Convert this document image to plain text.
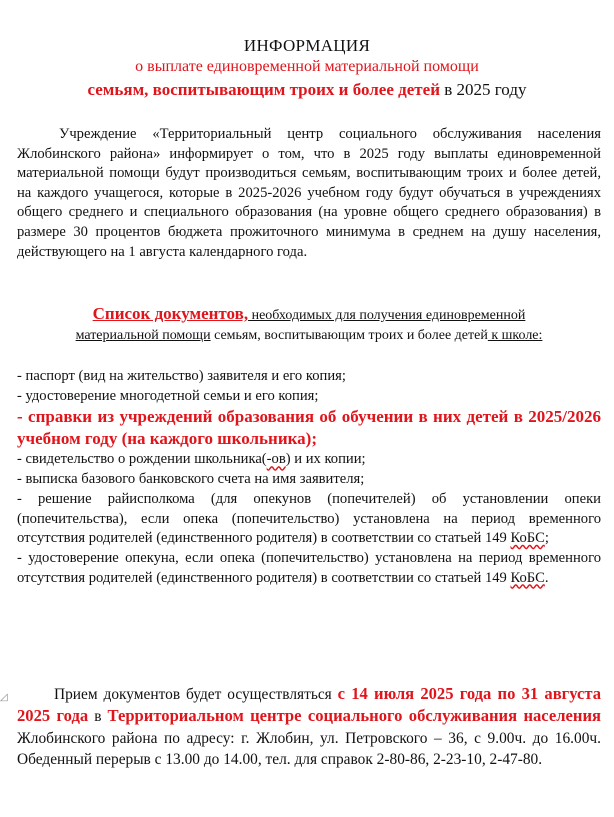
ИНФОРМАЦИЯ
о выплате единовременной материальной помощи
семьям, воспитывающим троих и более детей в 2025 году

Учреждение «Территориальный центр социального обслуживания населения Жлобинского района» информирует о том, что в 2025 году выплаты единовременной материальной помощи будут производиться семьям, воспитывающим троих и более детей, на каждого учащегося, которые в 2025-2026 учебном году будут обучаться в учреждениях общего среднего и специального образования (на уровне общего среднего образования) в размере 30 процентов бюджета прожиточного минимума в среднем на душу населения, действующего на 1 августа календарного года.

Список документов, необходимых для получения единовременной
материальной помощи семьям, воспитывающим троих и более детей к школе:

- паспорт (вид на жительство) заявителя и его копия;
- удостоверение многодетной семьи и его копия;
- справки из учреждений образования об обучении в них детей в 2025/2026 учебном году (на каждого школьника);
- свидетельство о рождении школьника(-ов) и их копии;
- выписка базового банковского счета на имя заявителя;
- решение райисполкома (для опекунов (попечителей) об установлении опеки (попечительства), если опека (попечительство) установлена на период временного отсутствия родителей (единственного родителя) в соответствии со статьей 149 КоБС;
- удостоверение опекуна, если опека (попечительство) установлена на период временного отсутствия родителей (единственного родителя) в соответствии со статьей 149 КоБС.
◿	Прием документов будет осуществляться с 14 июля 2025 года по 31 августа 2025 года в Территориальном центре социального обслуживания населения Жлобинского района по адресу: г. Жлобин, ул. Петровского – 36, с 9.00ч. до 16.00ч. Обеденный перерыв с 13.00 до 14.00, тел. для справок 2-80-86, 2-23-10, 2-47-80.
